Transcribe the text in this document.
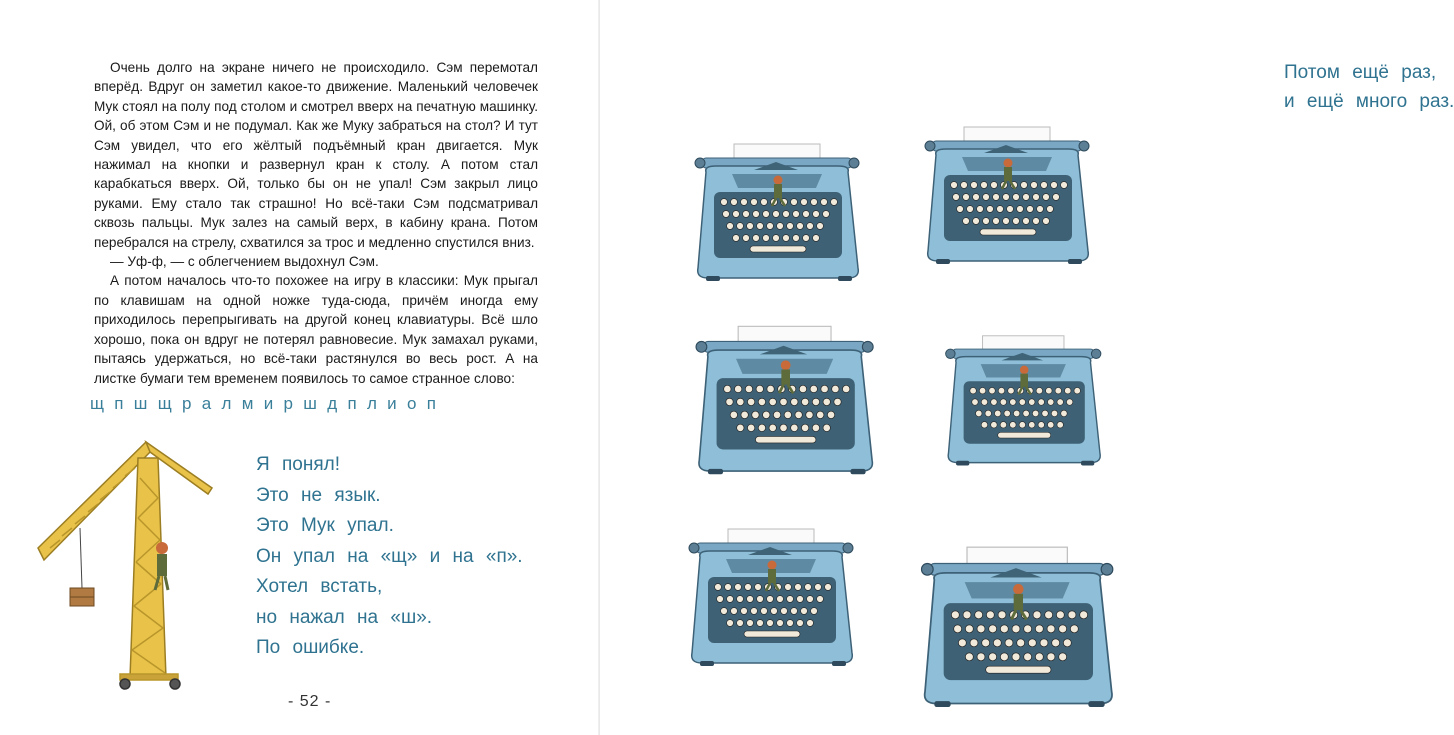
Очень долго на экране ничего не происходило. Сэм перемотал вперёд. Вдруг он заметил какое-то движение. Маленький человечек Мук стоял на полу под столом и смотрел вверх на печатную машинку. Ой, об этом Сэм и не подумал. Как же Муку забраться на стол? И тут Сэм увидел, что его жёлтый подъёмный кран двигается. Мук нажимал на кнопки и развернул кран к столу. А потом стал карабкаться вверх. Ой, только бы он не упал! Сэм закрыл лицо руками. Ему стало так страшно! Но всё-таки Сэм подсматривал сквозь пальцы. Мук залез на самый верх, в кабину крана. Потом перебрался на стрелу, схватился за трос и медленно спустился вниз.

— Уф-ф, — с облегчением выдохнул Сэм.

А потом началось что-то похожее на игру в классики: Мук прыгал по клавишам на одной ножке туда-сюда, причём иногда ему приходилось перепрыгивать на другой конец клавиатуры. Всё шло хорошо, пока он вдруг не потерял равновесие. Мук замахал руками, пытаясь удержаться, но всё-таки растянулся во весь рост. А на листке бумаги тем временем появилось то самое странное слово:

щпшщралмиршдплиоп
Я понял!
Это не язык.
Это Мук упал.
Он упал на «щ» и на «п».
Хотел встать,
но нажал на «ш».
По ошибке.
- 52 -
Потом ещё раз,
и ещё много раз.
